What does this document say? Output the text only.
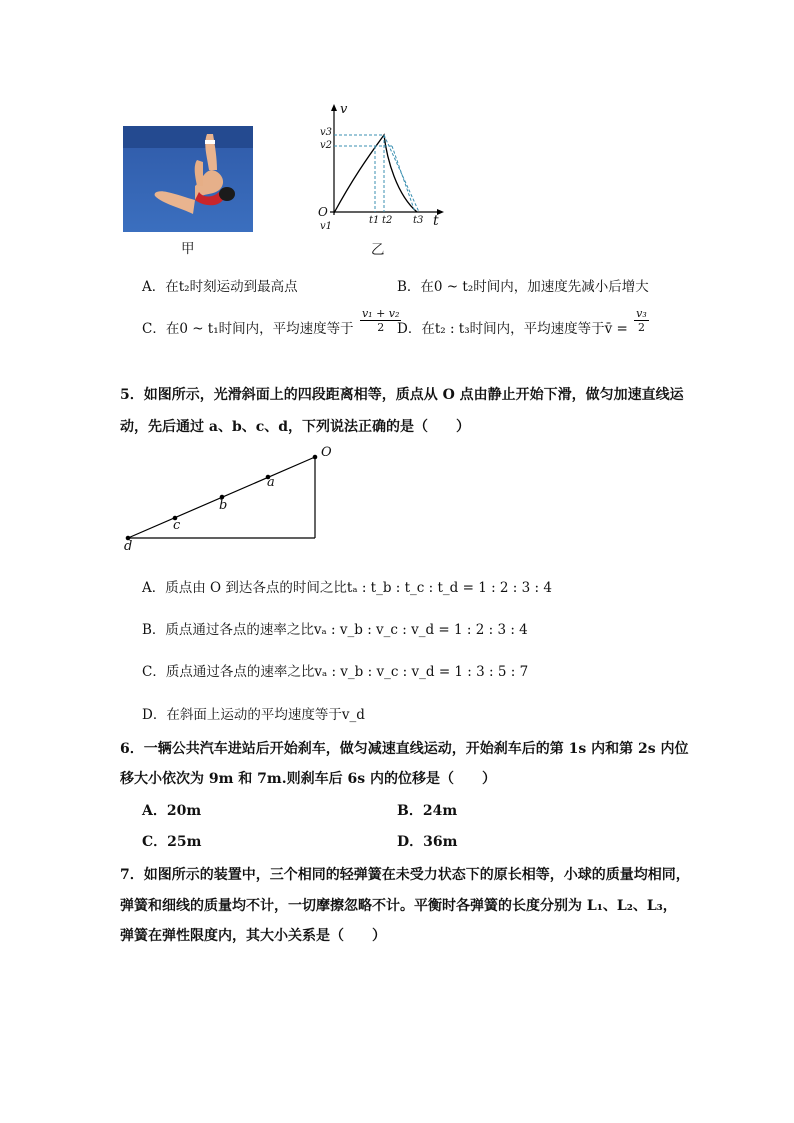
甲
v
t
O
v1
v2
v3
t1 t2 t3
乙
A．在t₂时刻运动到最高点	B．在0 ~ t₂时间内，加速度先减小后增大
C．在0 ~ t₁时间内，平均速度等于 $\frac{\text{v₁ + v₂}}{2}$
D．在t₂ : t₃时间内，平均速度等于v̄ = $\frac{\text{v₃}}{2}$
5．如图所示，光滑斜面上的四段距离相等，质点从 O 点由静止开始下滑，做匀加速直线运
动，先后通过 a、b、c、d，下列说法正确的是（　　）
O
a
b
c
d
A．质点由 O 到达各点的时间之比tₐ : t_b : t_c : t_d = 1 : 2 : 3 : 4
B．质点通过各点的速率之比vₐ : v_b : v_c : v_d = 1 : 2 : 3 : 4
C．质点通过各点的速率之比vₐ : v_b : v_c : v_d = 1 : 3 : 5 : 7
D．在斜面上运动的平均速度等于v_d
6．一辆公共汽车进站后开始刹车，做匀减速直线运动，开始刹车后的第 1s 内和第 2s 内位
移大小依次为 9m 和 7m.则刹车后 6s 内的位移是（　　）
A．20m	B．24m
C．25m	D．36m
7．如图所示的装置中，三个相同的轻弹簧在未受力状态下的原长相等，小球的质量均相同，
弹簧和细线的质量均不计，一切摩擦忽略不计。平衡时各弹簧的长度分别为 L₁、L₂、L₃，
弹簧在弹性限度内，其大小关系是（　　）
